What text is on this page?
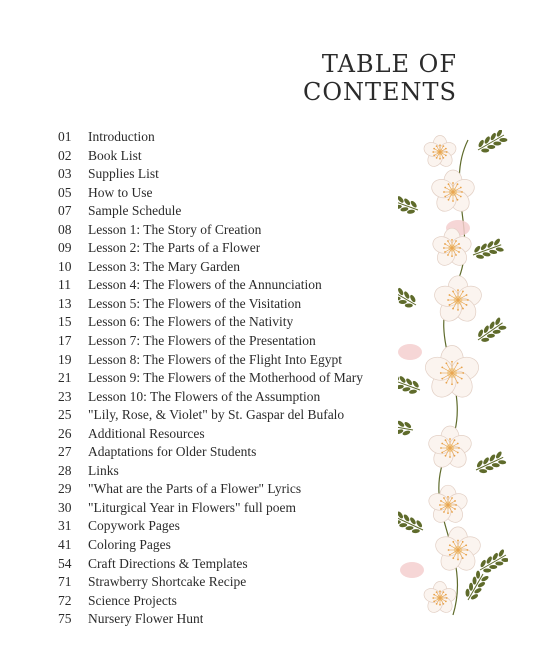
TABLE OF
CONTENTS
01	Introduction
02	Book List
03	Supplies List
05	How to Use
07	Sample Schedule
08	Lesson 1: The Story of Creation
09	Lesson 2: The Parts of a Flower
10	Lesson 3: The Mary Garden
11	Lesson 4: The Flowers of the Annunciation
13	Lesson 5: The Flowers of the Visitation
15	Lesson 6: The Flowers of the Nativity
17	Lesson 7: The Flowers of the Presentation
19	Lesson 8: The Flowers of the Flight Into Egypt
21	Lesson 9: The Flowers of the Motherhood of Mary
23	Lesson 10: The Flowers of the Assumption
25	"Lily, Rose, & Violet" by St. Gaspar del Bufalo
26	Additional Resources
27	Adaptations for Older Students
28	Links
29	"What are the Parts of a Flower" Lyrics
30	"Liturgical Year in Flowers" full poem
31	Copywork Pages
41	Coloring Pages
54	Craft Directions & Templates
71	Strawberry Shortcake Recipe
72	Science Projects
75	Nursery Flower Hunt
